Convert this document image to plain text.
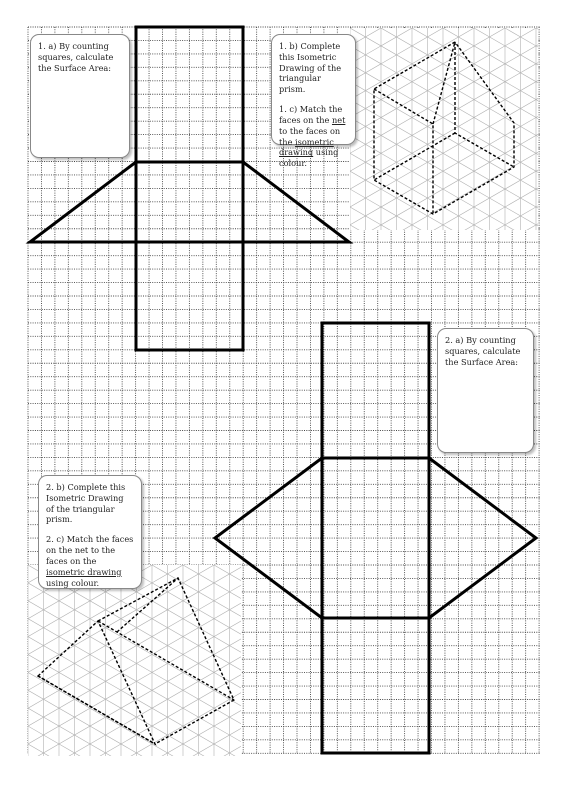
1. a) By counting squares, calculate the Surface Area:

1. b) Complete this Isometric Drawing of the triangular prism.

1. c) Match the faces on the net to the faces on the isometric drawing using colour.

2. a) By counting squares, calculate the Surface Area:

2. b) Complete this Isometric Drawing of the triangular prism.

2. c) Match the faces on the net to the faces on the isometric drawing using colour.
